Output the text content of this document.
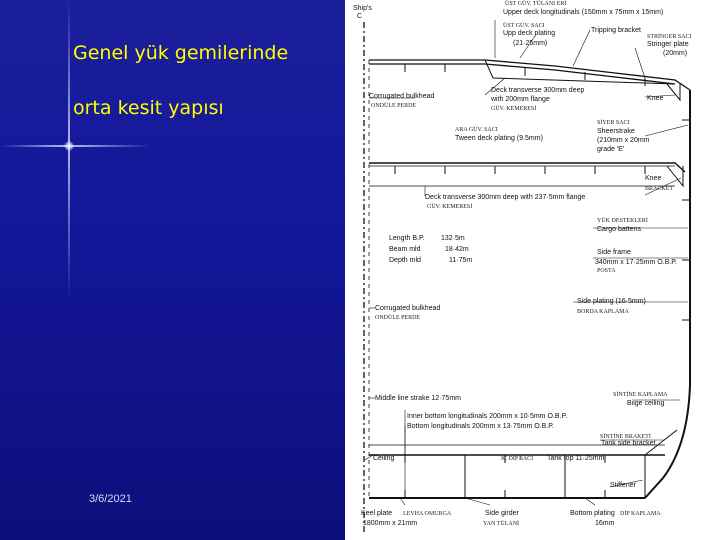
Genel yük gemilerinde
orta kesit yapısı
3/6/2021
Ship's
C
ÜST GÜV. TÜLANI ERİ
Upper deck longitudinals (150mm x 75mm x 15mm)
ÜST GÜV. SACI
Upp deck plating
(21·25mm)
Tripping bracket
STRİNGER SACI
Stringer plate
(20mm)
Corrugated bulkhead
ONDÜLE PERDE
Deck transverse 300mm deep
with 200mm flange
GÜV. KEMERESİ
Knee
SİYER SACI
Sheerstrake
(210mm x 20mm
grade 'E'
ARA GÜV. SACI
Tween deck plating (9.5mm)
Knee
BRACKET
Deck transverse 300mm deep with 237·5mm flange
GÜV. KEMERESİ
YÜK DESTEKLERİ
Cargo battens
Length B.P. 132·5m
Beam mld	18·42m
Depth mld	11·75m
Side frame
340mm x 17·25mm O.B.P.
POSTA
Side plating (16·5mm)
BORDA KAPLAMA
Corrugated bulkhead
ONDÜLE PERDE
SİNTİNE KAPLAMA
Bilge ceiling
Middle line strake 12·75mm
Inner bottom longitudinals 200mm x 10·5mm O.B.P.
Bottom longitudinals 200mm x 13·75mm O.B.P.
SİNTİNE BRAKETİ
Tank side bracket
Ceiling	İÇ DİP SACI Tank top 11·25mm
Stiffener
Keel plate LEVHA OMURGA
1800mm x 21mm
Side girder
YAN TÜLANİ
Bottom plating DİP KAPLAMA
16mm
